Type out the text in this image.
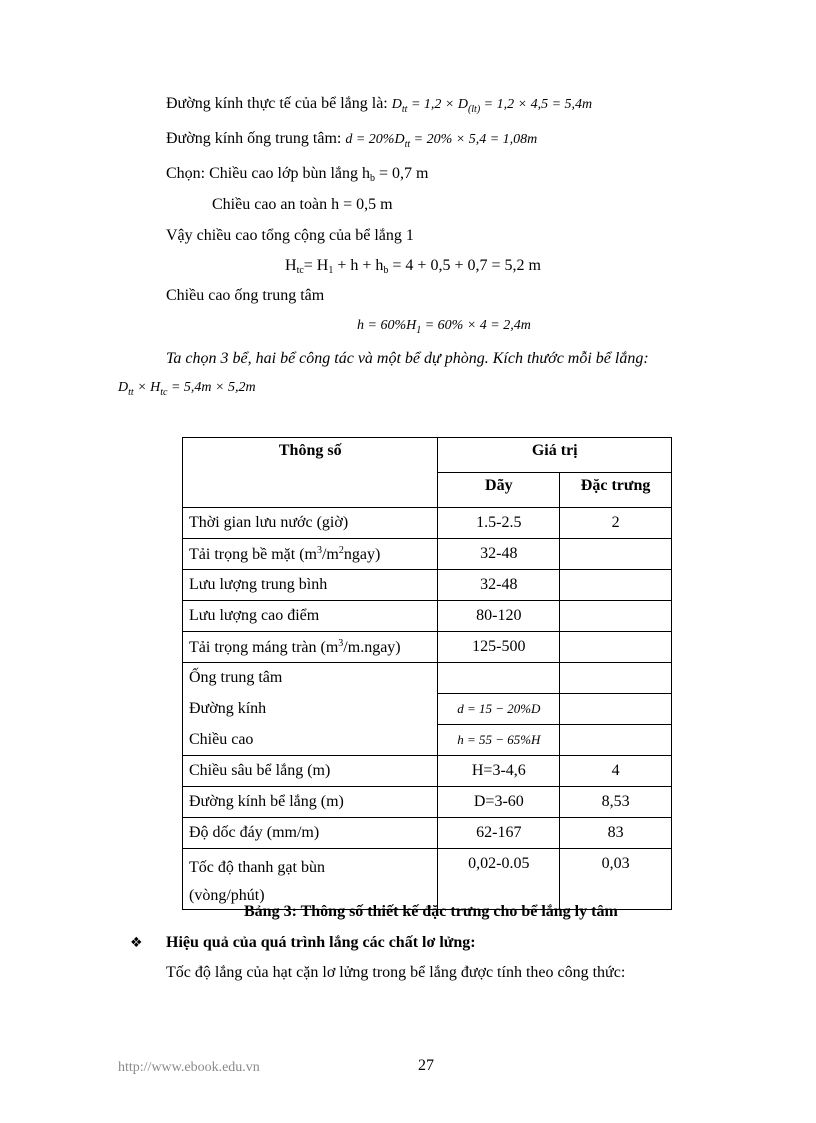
Đường kính thực tế của bể lắng là: $D_{tt} = 1,2 \times D_{(lt)} = 1,2 \times 4,5 = 5,4m$
Đường kính ống trung tâm: $d = 20\%D_{tt} = 20\% \times 5,4 = 1,08m$
Chọn: Chiều cao lớp bùn lắng hb = 0,7 m
Chiều cao an toàn h = 0,5 m
Vậy chiều cao tổng cộng của bể lắng 1
Htc= H1 + h + hb = 4 + 0,5 + 0,7 = 5,2 m
Chiều cao ống trung tâm
$h = 60\%H_1 = 60\% \times 4 = 2,4m$
Ta chọn 3 bể, hai bể công tác và một bể dự phòng. Kích thước mỗi bể lắng:
$D_{tt} \times H_{tc} = 5,4m \times 5,2m$
Thông số	Giá trị	
	Dãy	Đặc trưng
Thời gian lưu nước (giờ)	1.5-2.5	2
Tải trọng bề mặt $(m^3/m^2ngay)$	32-48	
Lưu lượng trung bình	32-48	
Lưu lượng cao điểm	80-120	
Tải trọng máng tràn $(m^3/m.ngay)$	125-500	
Ống trung tâm		
Đường kính	d = 15 − 20%D	
Chiều cao	h = 55 − 65%H	
Chiều sâu bể lắng (m)	H=3-4,6	4
Đường kính bể lắng (m)	D=3-60	8,53
Độ dốc đáy (mm/m)	62-167	83

Tốc độ thanh gạt bùn
(vòng/phút)	0,02-0.05	0,03
Bảng 3: Thông số thiết kế đặc trưng cho bể lắng ly tâm
❖ Hiệu quả của quá trình lắng các chất lơ lửng:
Tốc độ lắng của hạt cặn lơ lửng trong bể lắng được tính theo công thức:
http://www.ebook.edu.vn	27
